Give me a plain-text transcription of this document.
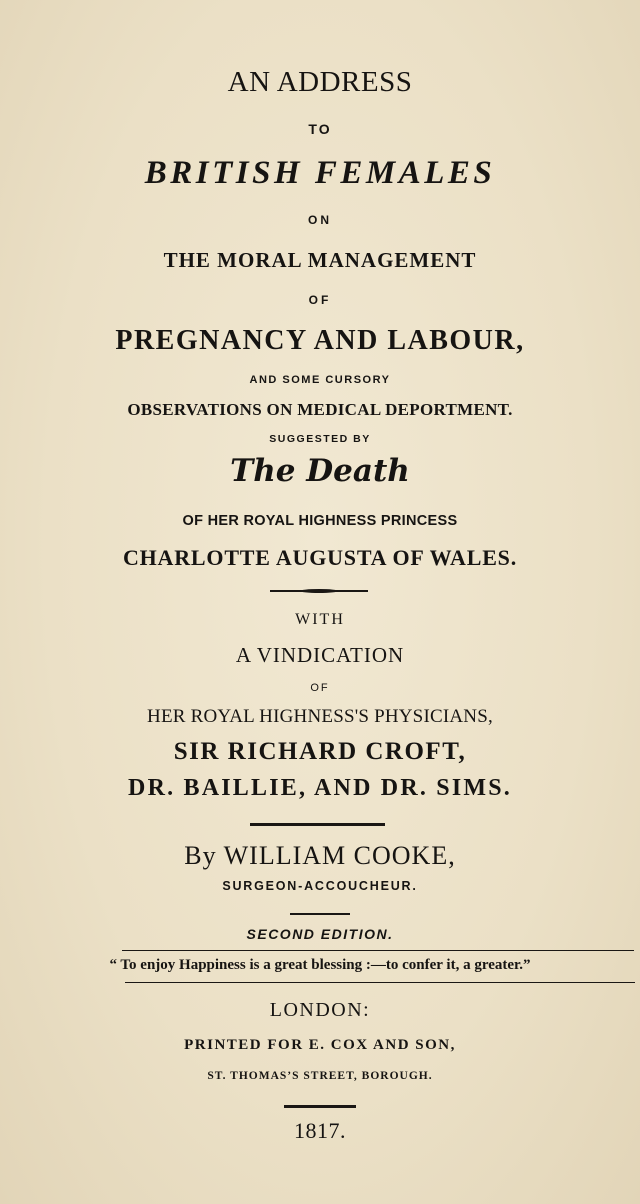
AN ADDRESS
TO
BRITISH FEMALES
ON
THE MORAL MANAGEMENT
OF
PREGNANCY AND LABOUR,
AND SOME CURSORY
OBSERVATIONS ON MEDICAL DEPORTMENT.
SUGGESTED BY
The Death
OF HER ROYAL HIGHNESS PRINCESS
CHARLOTTE AUGUSTA OF WALES.
WITH
A VINDICATION
OF
HER ROYAL HIGHNESS'S PHYSICIANS,
SIR RICHARD CROFT,
DR. BAILLIE, AND DR. SIMS.
By WILLIAM COOKE,
SURGEON-ACCOUCHEUR.
SECOND EDITION.
“ To enjoy Happiness is a great blessing :—to confer it, a greater.”
LONDON:
PRINTED FOR E. COX AND SON,
ST. THOMAS’S STREET, BOROUGH.
1817.
